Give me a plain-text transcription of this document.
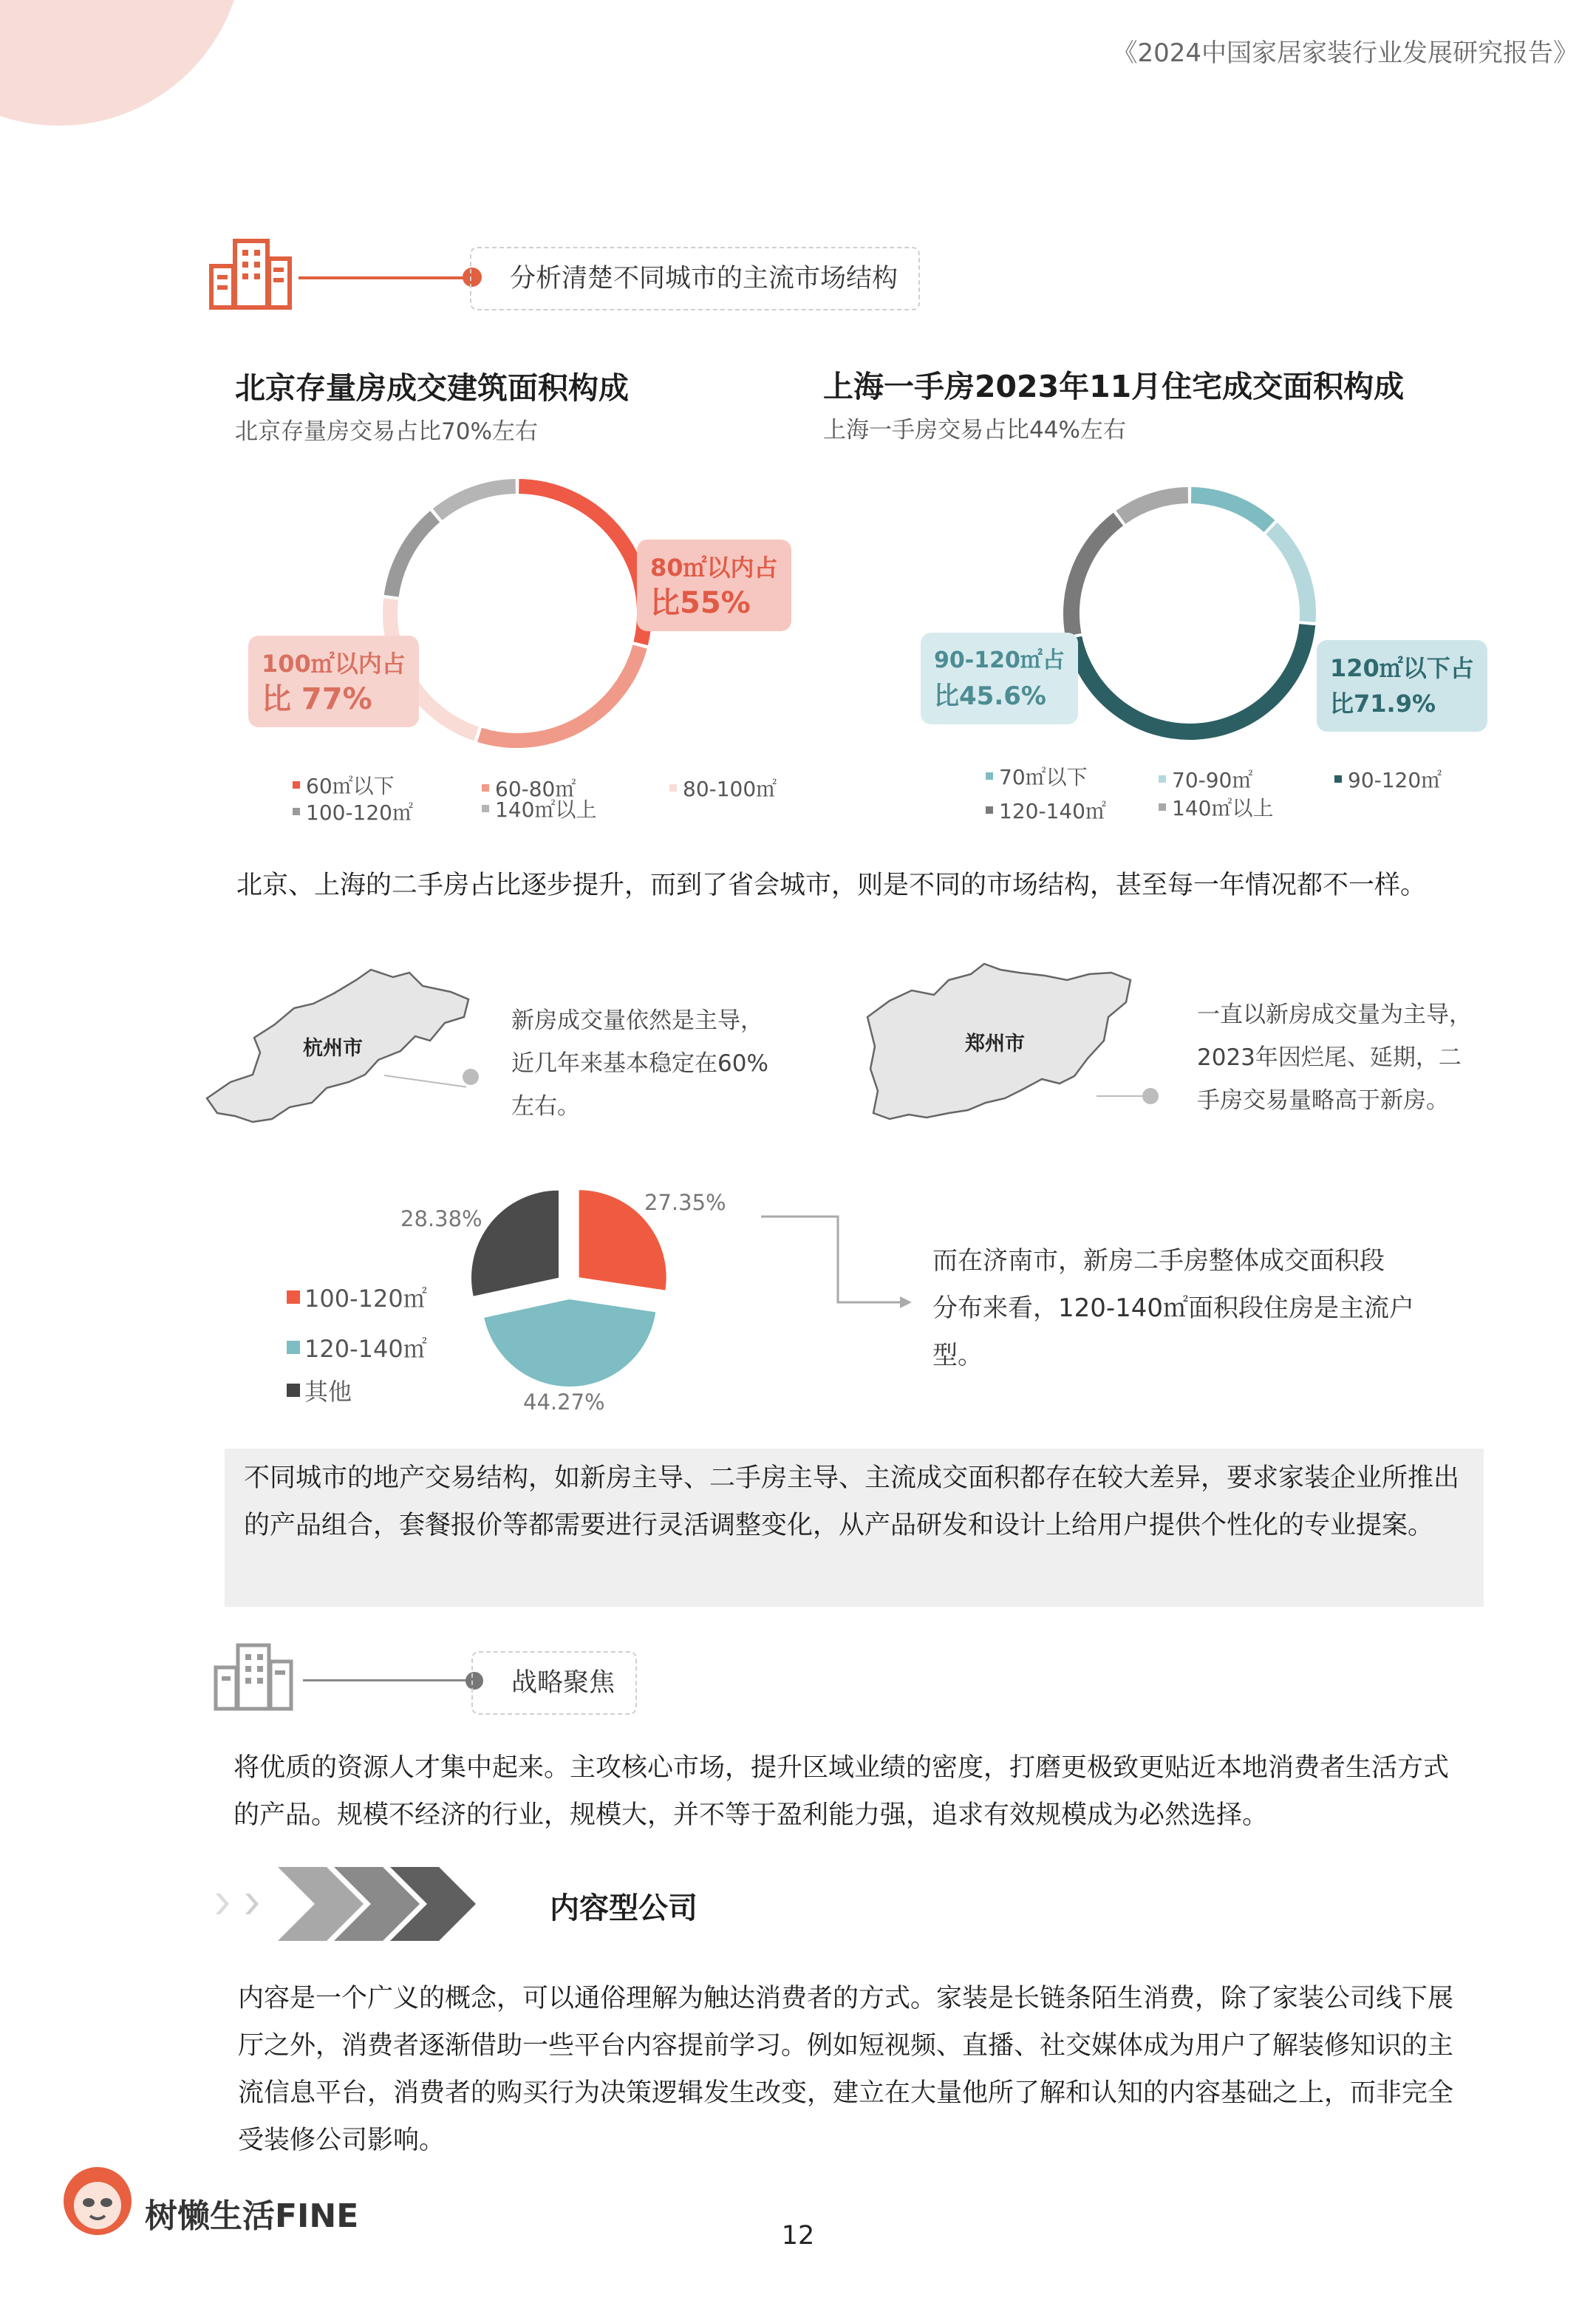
《2024中国家居家装行业发展研究报告》
分析清楚不同城市的主流市场结构
北京存量房成交建筑面积构成
北京存量房交易占比70%左右
80㎡以内占
比55%
100㎡以内占
比 77%
60㎡以下	60-80㎡	80-100㎡
100-120㎡	140㎡以上
上海一手房2023年11月住宅成交面积构成
上海一手房交易占比44%左右
90-120㎡占
比45.6%
120㎡以下占
比71.9%
70㎡以下	70-90㎡	90-120㎡
120-140㎡	140㎡以上
北京、上海的二手房占比逐步提升，而到了省会城市，则是不同的市场结构，甚至每一年情况都不一样。
杭州市
新房成交量依然是主导，
近几年来基本稳定在60%
左右。
郑州市
一直以新房成交量为主导，
2023年因烂尾、延期，二
手房交易量略高于新房。
28.38%
27.35%
44.27%
100-120㎡
120-140㎡
其他
而在济南市，新房二手房整体成交面积段
分布来看，120-140㎡面积段住房是主流户
型。
不同城市的地产交易结构，如新房主导、二手房主导、主流成交面积都存在较大差异，要求家装企业所推出的产品组合，套餐报价等都需要进行灵活调整变化，从产品研发和设计上给用户提供个性化的专业提案。
战略聚焦
将优质的资源人才集中起来。主攻核心市场，提升区域业绩的密度，打磨更极致更贴近本地消费者生活方式的产品。规模不经济的行业，规模大，并不等于盈利能力强，追求有效规模成为必然选择。
内容型公司
内容是一个广义的概念，可以通俗理解为触达消费者的方式。家装是长链条陌生消费，除了家装公司线下展厅之外，消费者逐渐借助一些平台内容提前学习。例如短视频、直播、社交媒体成为用户了解装修知识的主流信息平台，消费者的购买行为决策逻辑发生改变，建立在大量他所了解和认知的内容基础之上，而非完全受装修公司影响。
树懒生活FINE
12
